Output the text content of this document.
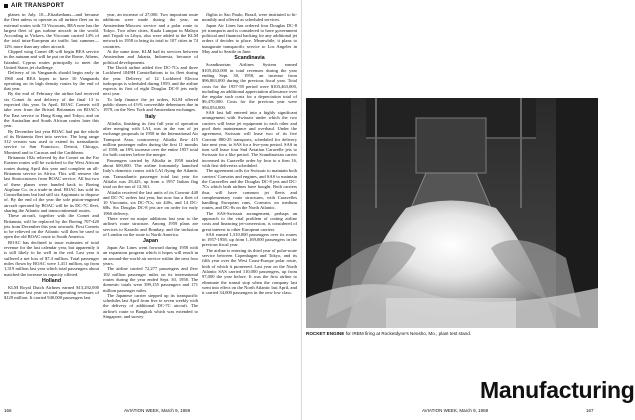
AIR TRANSPORT

planes in July. 10—Elizabethans—and because the fleet unless to operate as all turbine fleet on its external routes with 74 Viscounts, BEA now has the largest fleet of gas turbine aircraft in the world. According to Vickers, the Viscount carried 14% of the total intra-European air traffic last summer—12% more than any other aircraft.

Clipped wing Comet 4B will begin BEA service in the autumn and will be put on the Rome, Athens, Istanbul, Cyprus routes principally to meet the United States jet challenge.

Delivery of its Vanguards should begin early in 1960 and BEA hopes to have 10 Vanguards operating on its high density routes by the end of that year.

By the end of February the airline had received six Comet 4s and delivery of the final 13 is expected this year. In April, BOAC Comets will take over from the Bristol Britannias on BOAC's Far East service to Hong Kong and Tokyo, and on the Australian and South African routes later this year.

By December last year BOAC had put the whole of its Britannia fleet into service. The long range 312 version was used to extend its transatlantic service to San Francisco, Detroit, Chicago, Montreal and to Caracas and the Caribbean.

Britannia 102s relieved by the Comet on the Far Eastern routes will be switched to the West African routes during April this year and complete an all-Britannia service in Africa. This will remove the last Stratocruisers from BOAC service. All but two of these planes were handed back to Boeing Airplane Co. in a trade-in deal. BOAC has sold its Constellations but had still six Argonauts to dispose of. By the end of the year the sole piston-engined aircraft operated by BOAC will be its DC-7C fleet, sharing the Atlantic and transcontinental routes.

These aircraft, together with the Comet and Britannia, will be replaced by the Boeing 707-420 jets from December this year onwards. First Comets to be relieved on the Atlantic will then be used to open the old BOAC route to South America.

BOAC has declined to issue estimates of total revenue for the last calendar year, but apparently it is still likely to be well in the red. Last year it suffered a net loss of $7.4 million. Total passenger miles flown by BOAC were 1,411 million, up from 1,319 million last year which total passengers about matched the increase in capacity offered.

Holland

KLM Royal Dutch Airlines earned $13,292,000 net income last year on total operating revenues of $129 million. It carried 940,000 passengers last

year, an increase of 27,000. Two important route additions were made during the year, an Amsterdam-Moscow service and a polar route to Tokyo. Two other cities, Kuala Lumpur in Malaya and Tripoli in Libya, also were added to the KLM network in 1958 to bring its total to 107 cities in 74 countries.

At the same time, KLM had its services between Amsterdam and Jakarta, Indonesia, because of political developments.

The Dutch airline added five DC-7Cs and three Lockheed 1049H Constellations to its fleet during the year. Delivery of 12 Lockheed Electra turboprops is scheduled during 1959, and the airline expects its first of eight Douglas DC-8 jets early next year.

To help finance the jet orders, KLM offered public shares of 4½% convertible debentures due in 1979, on the New York and Amsterdam exchanges.

Italy

Alitalia, finishing its first full year of operation after merging with LAI, was in the van of jet exchange proposals in 1958 in the International Air Transport Assn. controversy. Alitalia flew 415 million passenger miles during the first 11 months of 1958, an 18% increase over the entire 1957 total for both carriers before the merger.

Passengers carried by Alitalia in 1958 totaled about 600,000. The airline fortunately launched Italy's domestic routes with LAI flying the Atlantic run. Transatlantic passenger total last year for Alitalia was 28,425, up from a 1957 Italian flag total on the run of 12,361.

Alitalia received the last units of its Convair 440 and DC-7C orders last year, but now has a fleet of 10 Viscounts, six DC-7Cs, six 440s, and 14 DC-6Bs. Six Douglas DC-8 jets are on order for early 1960 delivery.

There were no major additions last year to the airline's route structure. Among 1959 plans are services to Karachi and Bombay, and the inclusion of London on the route to North America.

Japan

Japan Air Lines went forward during 1958 with an expansion program which it hopes will result in an around-the-world air service within the next four years.

The airline carried 72,277 passengers and flew 102 million passenger miles on its international routes during the year ended Sept. 30, 1958. The domestic totals were 399,155 passengers and 171 million passenger miles.

The Japanese carrier stepped up its transpacific schedules last April from five to seven weekly with the delivery of additional DC-7C aircraft. The airline's route to Bangkok which was extended to Singapore, and survey

flights to Sao Paulo, Brazil, were instituted to bi-monthly and offered as scheduled services.

Japan Air Lines has ordered four Douglas DC-8 jet transports and is considered to have government political and financial backing for any additional jet orders if decides to place. Meanwhile, it plans to inaugurate transpacific service to Los Angeles in May and to Seattle in June.

Scandinavia

Scandinavian Airlines System earned $105,463,000 in total revenues during the year ending Sept. 30, 1958, an increase from $96,863,000 during the previous fiscal year. Total costs for the 1957-58 period were $103,463,000, including an additional appreciation allowance over the regular such costs for a depreciation total of $9,470,000. Costs for the previous year were $94,054,000.

SAS last fall entered into a highly significant arrangement with Swissair under which the two carriers will lease jet equipment to each other and pool their maintenance and overhaul. Under the agreement, Swissair will lease two of its five Convair 880-25 transports, scheduled for delivery late next year, to SAS for a five-year period. SAS in turn will lease four Sud Aviation Caravelle jets to Swissair for a like period. The Scandinavian carrier increased its Caravelle order by four to a firm 16, with first deliveries scheduled.

The agreement calls for Swissair to maintain both carriers' Convairs and engines, and SAS to maintain the Caravelles and the Douglas DC-8 jets and DC-7Cs which both airlines have bought. Both carriers thus will have common jet fleets and complementary route structures, with Caravelles handling European runs, Convairs on medium routes, and DC-8s on the North Atlantic.

The SAS-Swissair arrangement, perhaps an approach to the vital problem of cutting airline costs and financing jet-conversion, is considered of great interest to other European carriers.

SAS earned 1,310,000 passengers over its routes in 1957-1958, up from 1,169,000 passengers in the previous fiscal year.

The airline is entering its third year of polar-route service between Copenhagen and Tokyo, and its fifth year over the West Coast-Europe polar route, both of which it pioneered. Last year on the North Atlantic SAS carried 110,000 passengers, up from 97,000 the year before. It was the first airline to eliminate the transit stop when the company last went into effect on the North Atlantic last April, and it carried 34,000 passengers in the new low class.

166	AVIATION WEEK, March 9, 1959
ROCKET ENGINE for IRBM firing at Rocketdyne's Neosho, Mo., plant test stand.
Manufacturing
AVIATION WEEK, March 9, 1959	167
